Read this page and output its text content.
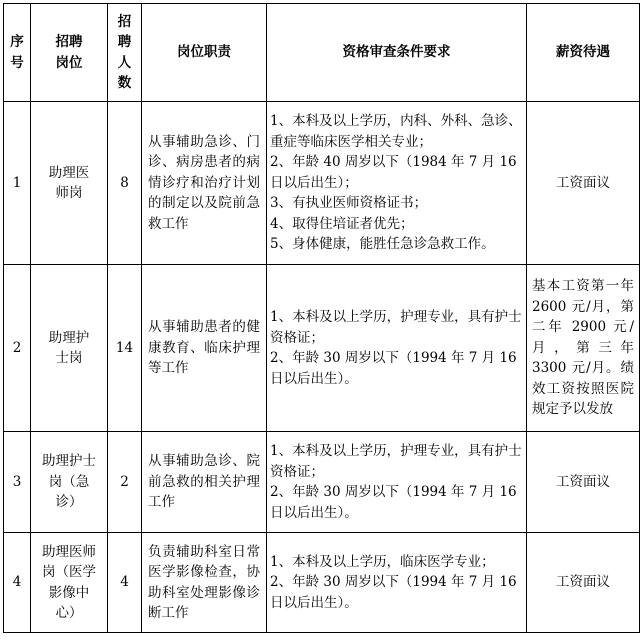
序号	招聘岗位	招聘人数	岗位职责	资格审查条件要求	薪资待遇
1	助理医师岗	8	从事辅助急诊、门诊、病房患者的病情诊疗和治疗计划的制定以及院前急救工作	1、本科及以上学历，内科、外科、急诊、重症等临床医学相关专业；
2、年龄 40 周岁以下（1984 年 7 月 16 日以后出生）；
3、有执业医师资格证书；
4、取得住培证者优先；
5、身体健康，能胜任急诊急救工作。	工资面议
2	助理护士岗	14	从事辅助患者的健康教育、临床护理等工作	1、本科及以上学历，护理专业，具有护士资格证；
2、年龄 30 周岁以下（1994 年 7 月 16 日以后出生）。	基本工资第一年 2600 元/月，第二年 2900 元/月，第三年 3300 元/月。绩效工资按照医院规定予以发放
3	助理护士岗（急诊）	2	从事辅助急诊、院前急救的相关护理工作	1、本科及以上学历，护理专业，具有护士资格证；
2、年龄 30 周岁以下（1994 年 7 月 16 日以后出生）。	工资面议
4	助理医师岗（医学影像中心）	4	负责辅助科室日常医学影像检查，协助科室处理影像诊断工作	1、本科及以上学历，临床医学专业；
2、年龄 30 周岁以下（1994 年 7 月 16 日以后出生）。	工资面议
